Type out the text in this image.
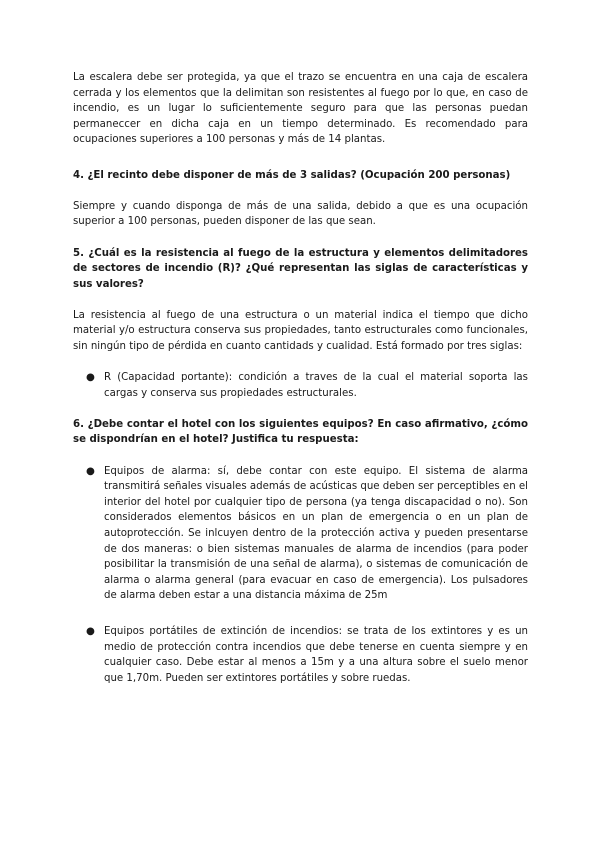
La escalera debe ser protegida, ya que el trazo se encuentra en una caja de escalera cerrada y los elementos que la delimitan son resistentes al fuego por lo que, en caso de incendio, es un lugar lo suficientemente seguro para que las personas puedan permaneccer en dicha caja en un tiempo determinado. Es recomendado para ocupaciones superiores a 100 personas y más de 14 plantas.

4. ¿El recinto debe disponer de más de 3 salidas? (Ocupación 200 personas)

Siempre y cuando disponga de más de una salida, debido a que es una ocupación superior a 100 personas, pueden disponer de las que sean.

5. ¿Cuál es la resistencia al fuego de la estructura y elementos delimitadores de sectores de incendio (R)? ¿Qué representan las siglas de características y sus valores?

La resistencia al fuego de una estructura o un material indica el tiempo que dicho material y/o estructura conserva sus propiedades, tanto estructurales como funcionales, sin ningún tipo de pérdida en cuanto cantidads y cualidad. Está formado por tres siglas:

● R (Capacidad portante): condición a traves de la cual el material soporta las cargas y conserva sus propiedades estructurales.

6. ¿Debe contar el hotel con los siguientes equipos? En caso afirmativo, ¿cómo se dispondrían en el hotel? Justifica tu respuesta:

● Equipos de alarma: sí, debe contar con este equipo. El sistema de alarma transmitirá señales visuales además de acústicas que deben ser perceptibles en el interior del hotel por cualquier tipo de persona (ya tenga discapacidad o no). Son considerados elementos básicos en un plan de emergencia o en un plan de autoprotección. Se inlcuyen dentro de la protección activa y pueden presentarse de dos maneras: o bien sistemas manuales de alarma de incendios (para poder posibilitar la transmisión de una señal de alarma), o sistemas de comunicación de alarma o alarma general (para evacuar en caso de emergencia). Los pulsadores de alarma deben estar a una distancia máxima de 25m
● Equipos portátiles de extinción de incendios: se trata de los extintores y es un medio de protección contra incendios que debe tenerse en cuenta siempre y en cualquier caso. Debe estar al menos a 15m y a una altura sobre el suelo menor que 1,70m. Pueden ser extintores portátiles y sobre ruedas.
